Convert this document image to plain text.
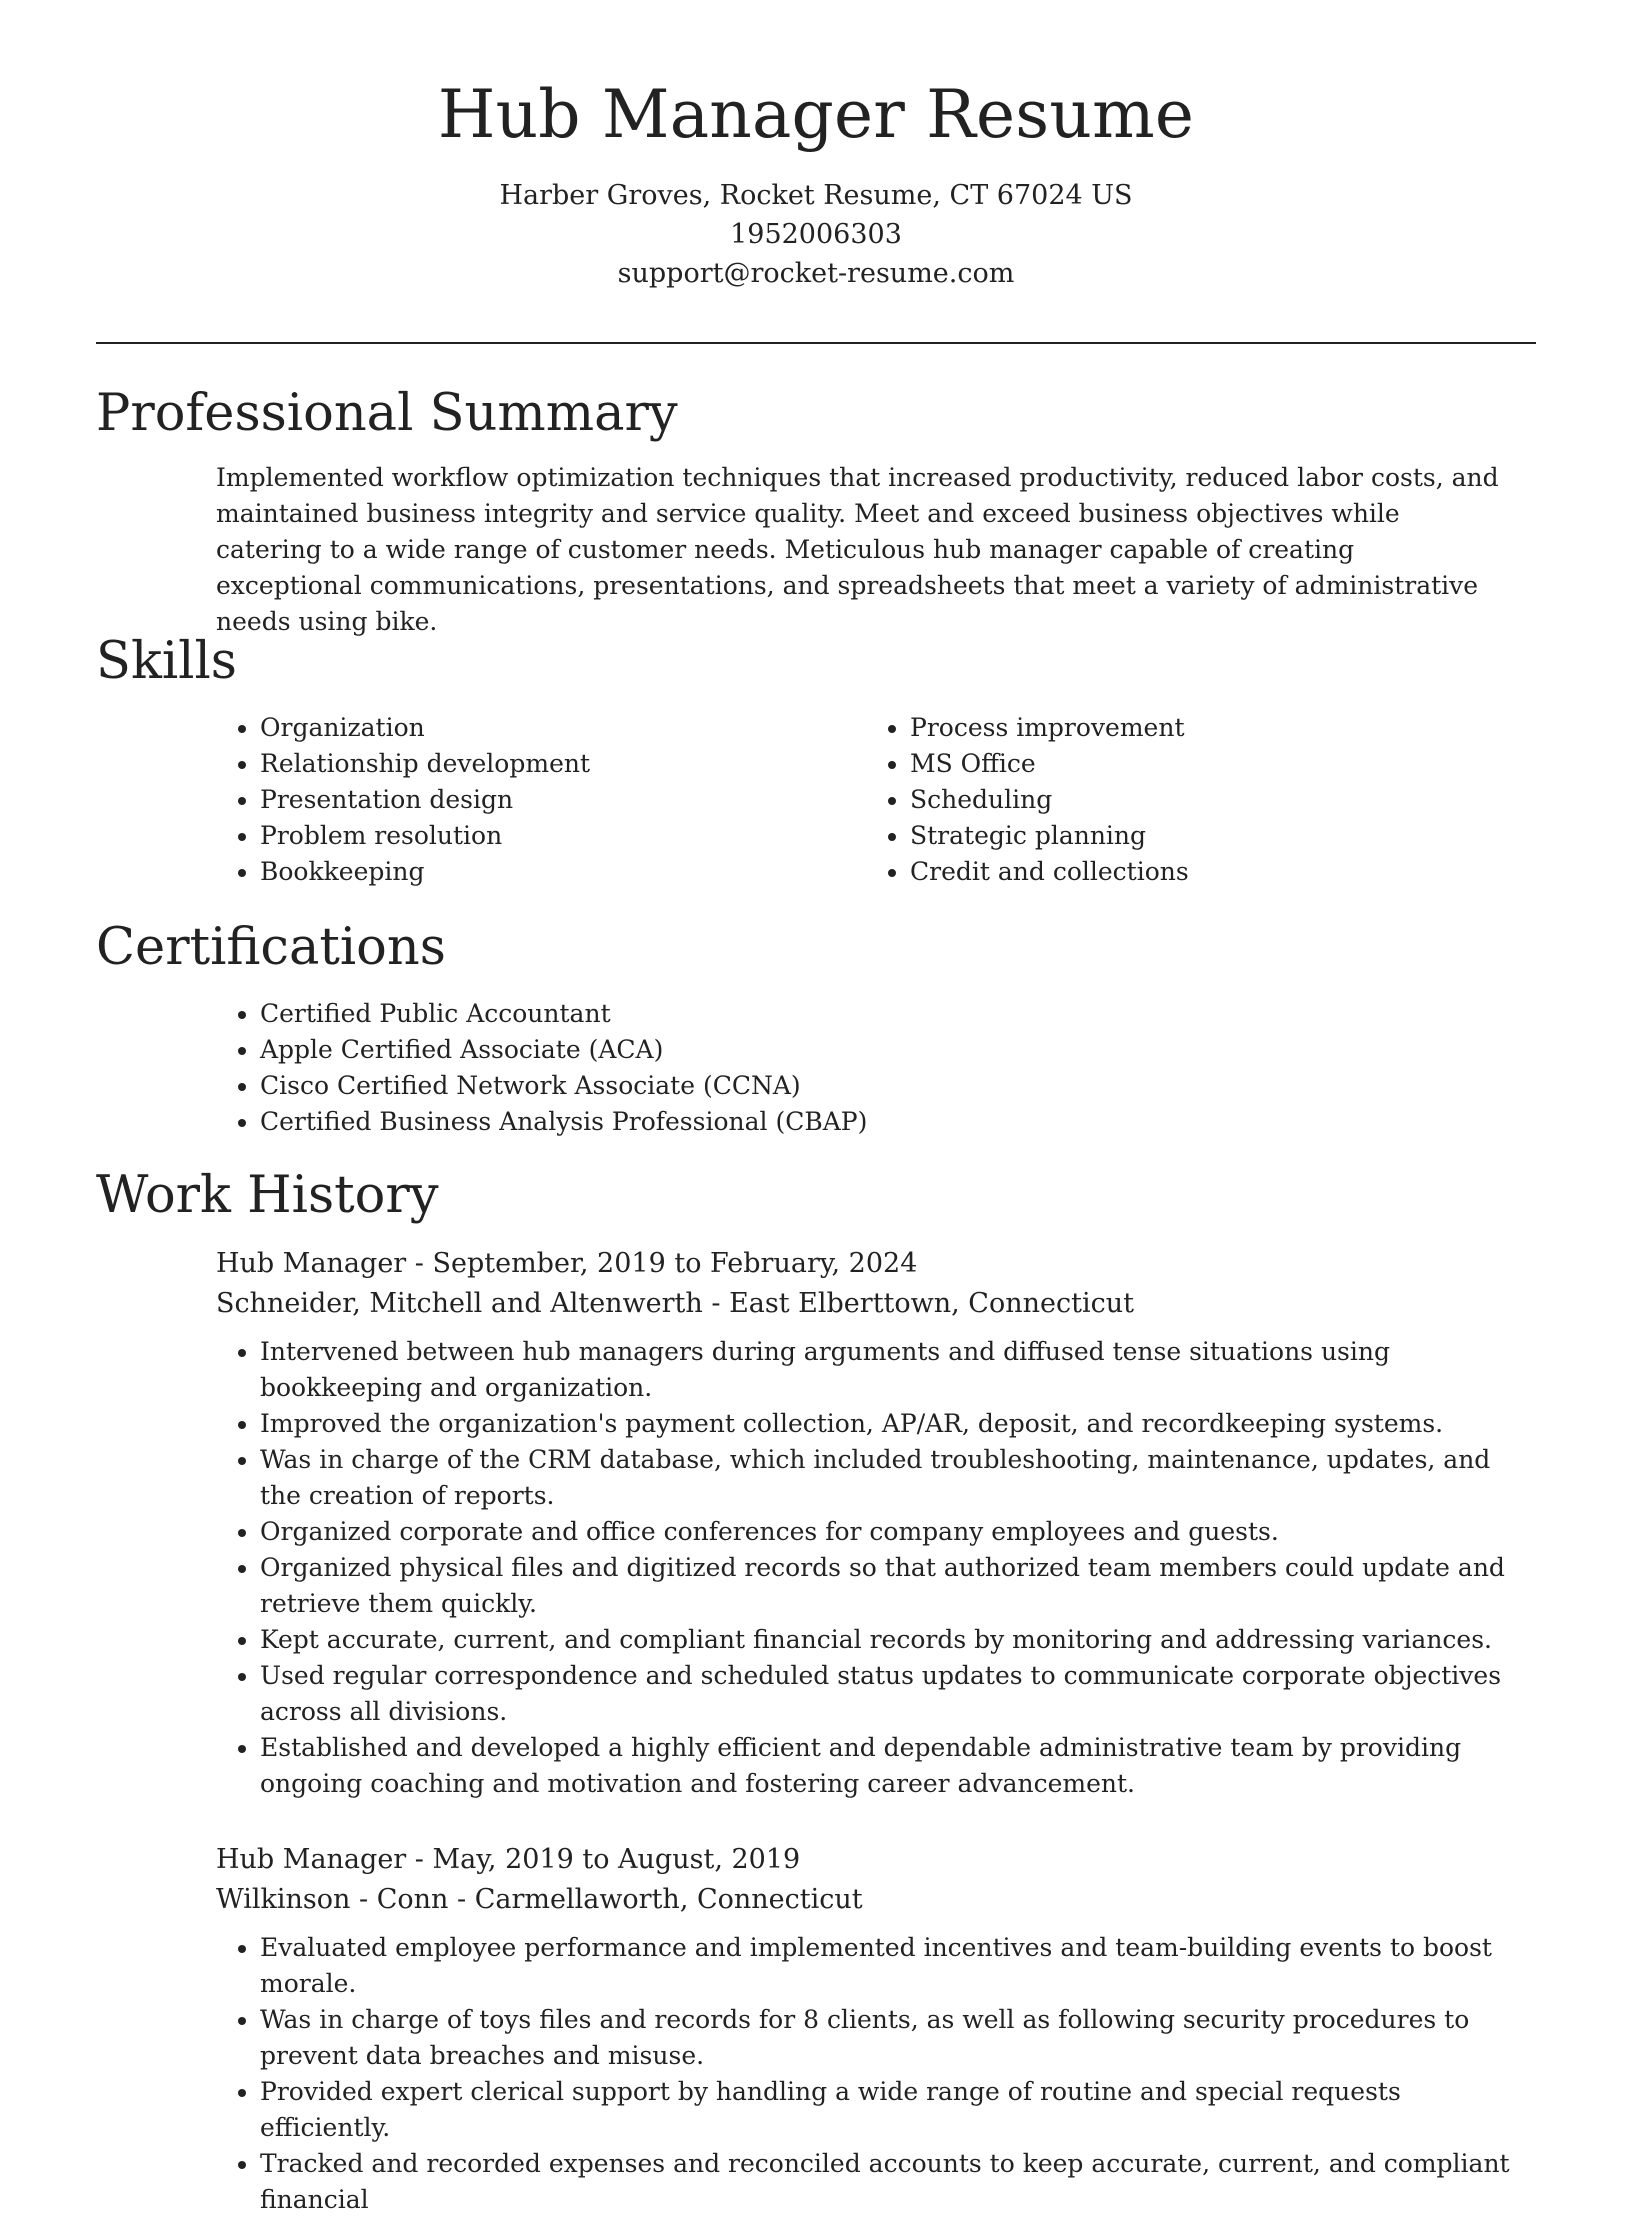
Hub Manager Resume
Harber Groves, Rocket Resume, CT 67024 US
1952006303
support@rocket-resume.com
Professional Summary

Implemented workflow optimization techniques that increased productivity, reduced labor costs, and maintained business integrity and service quality. Meet and exceed business objectives while catering to a wide range of customer needs. Meticulous hub manager capable of creating exceptional communications, presentations, and spreadsheets that meet a variety of administrative needs using bike.

Skills
• Organization
• Relationship development
• Presentation design
• Problem resolution
• Bookkeeping
• Process improvement
• MS Office
• Scheduling
• Strategic planning
• Credit and collections
Certifications
• Certified Public Accountant
• Apple Certified Associate (ACA)
• Cisco Certified Network Associate (CCNA)
• Certified Business Analysis Professional (CBAP)
Work History

Hub Manager - September, 2019 to February, 2024

Schneider, Mitchell and Altenwerth - East Elberttown, Connecticut

• Intervened between hub managers during arguments and diffused tense situations using bookkeeping and organization.
• Improved the organization's payment collection, AP/AR, deposit, and recordkeeping systems.
• Was in charge of the CRM database, which included troubleshooting, maintenance, updates, and the creation of reports.
• Organized corporate and office conferences for company employees and guests.
• Organized physical files and digitized records so that authorized team members could update and retrieve them quickly.
• Kept accurate, current, and compliant financial records by monitoring and addressing variances.
• Used regular correspondence and scheduled status updates to communicate corporate objectives across all divisions.
• Established and developed a highly efficient and dependable administrative team by providing ongoing coaching and motivation and fostering career advancement.

Hub Manager - May, 2019 to August, 2019

Wilkinson - Conn - Carmellaworth, Connecticut

• Evaluated employee performance and implemented incentives and team-building events to boost morale.
• Was in charge of toys files and records for 8 clients, as well as following security procedures to prevent data breaches and misuse.
• Provided expert clerical support by handling a wide range of routine and special requests efficiently.
• Tracked and recorded expenses and reconciled accounts to keep accurate, current, and compliant financial
